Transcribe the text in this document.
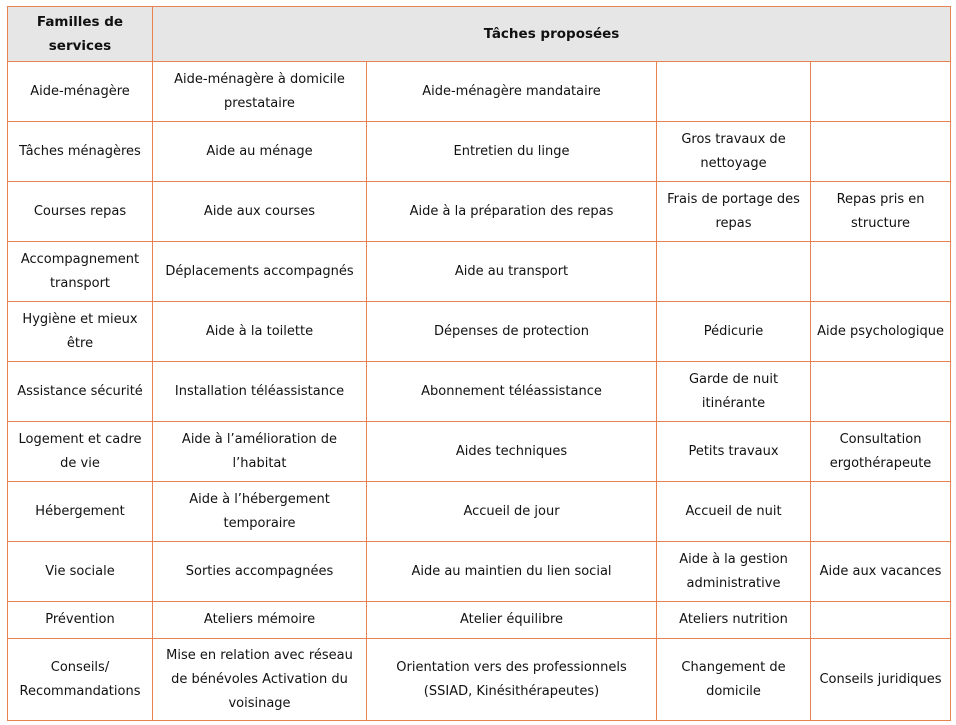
Familles de services	Tâches proposées			
Aide-ménagère	Aide-ménagère à domicile prestataire	Aide-ménagère mandataire		
Tâches ménagères	Aide au ménage	Entretien du linge	Gros travaux de nettoyage	
Courses repas	Aide aux courses	Aide à la préparation des repas	Frais de portage des repas	Repas pris en structure
Accompagnement transport	Déplacements accompagnés	Aide au transport		
Hygiène et mieux être	Aide à la toilette	Dépenses de protection	Pédicurie	Aide psychologique
Assistance sécurité	Installation téléassistance	Abonnement téléassistance	Garde de nuit itinérante	
Logement et cadre de vie	Aide à l’amélioration de l’habitat	Aides techniques	Petits travaux	Consultation ergothérapeute
Hébergement	Aide à l’hébergement temporaire	Accueil de jour	Accueil de nuit	
Vie sociale	Sorties accompagnées	Aide au maintien du lien social	Aide à la gestion administrative	Aide aux vacances
Prévention	Ateliers mémoire	Atelier équilibre	Ateliers nutrition	
Conseils/ Recommandations	Mise en relation avec réseau de bénévoles Activation du voisinage	Orientation vers des professionnels (SSIAD, Kinésithérapeutes)	Changement de domicile	Conseils juridiques
